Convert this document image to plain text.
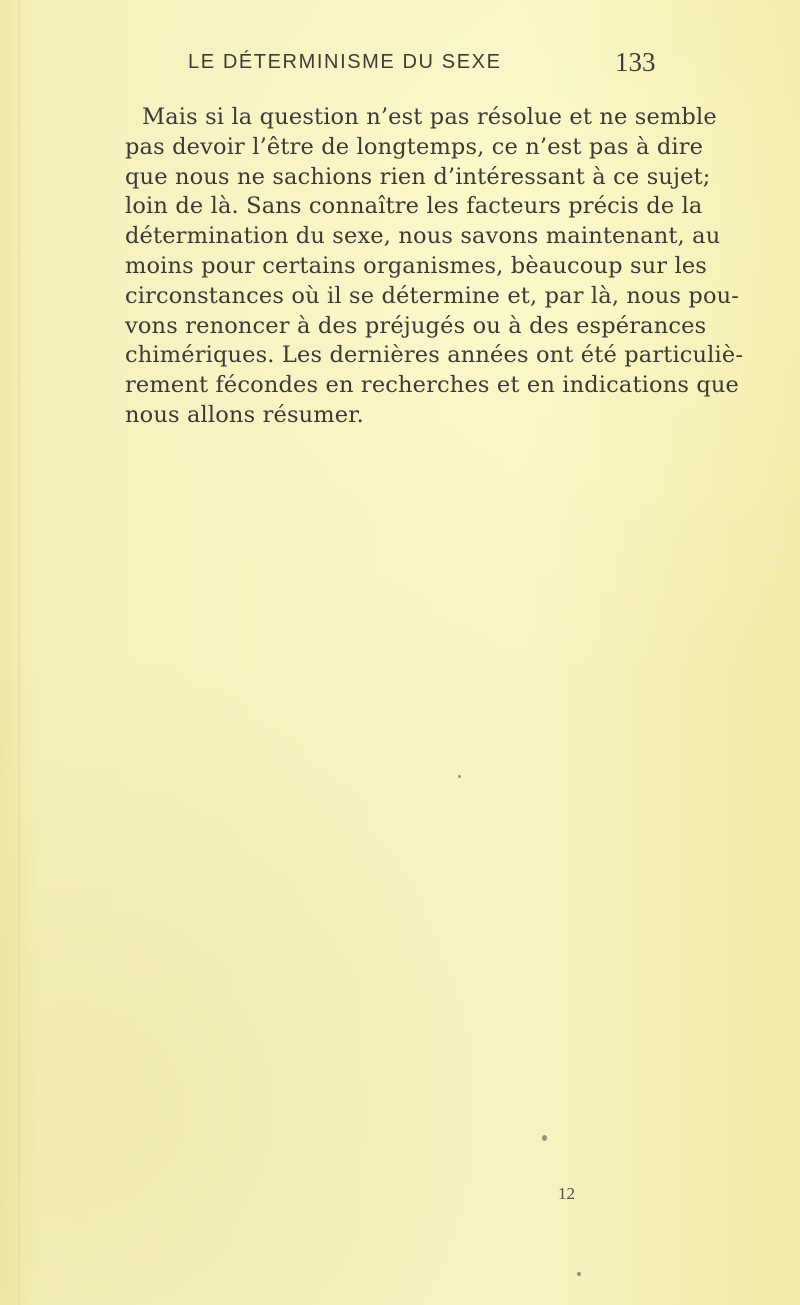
LE DÉTERMINISME DU SEXE	133
Mais si la question n’est pas résolue et ne semble
pas devoir l’être de longtemps, ce n’est pas à dire
que nous ne sachions rien d’intéressant à ce sujet;
loin de là. Sans connaître les facteurs précis de la
détermination du sexe, nous savons maintenant, au
moins pour certains organismes, bèaucoup sur les
circonstances où il se détermine et, par là, nous pou-
vons renoncer à des préjugés ou à des espérances
chimériques. Les dernières années ont été particuliè-
rement fécondes en recherches et en indications que
nous allons résumer.
12
